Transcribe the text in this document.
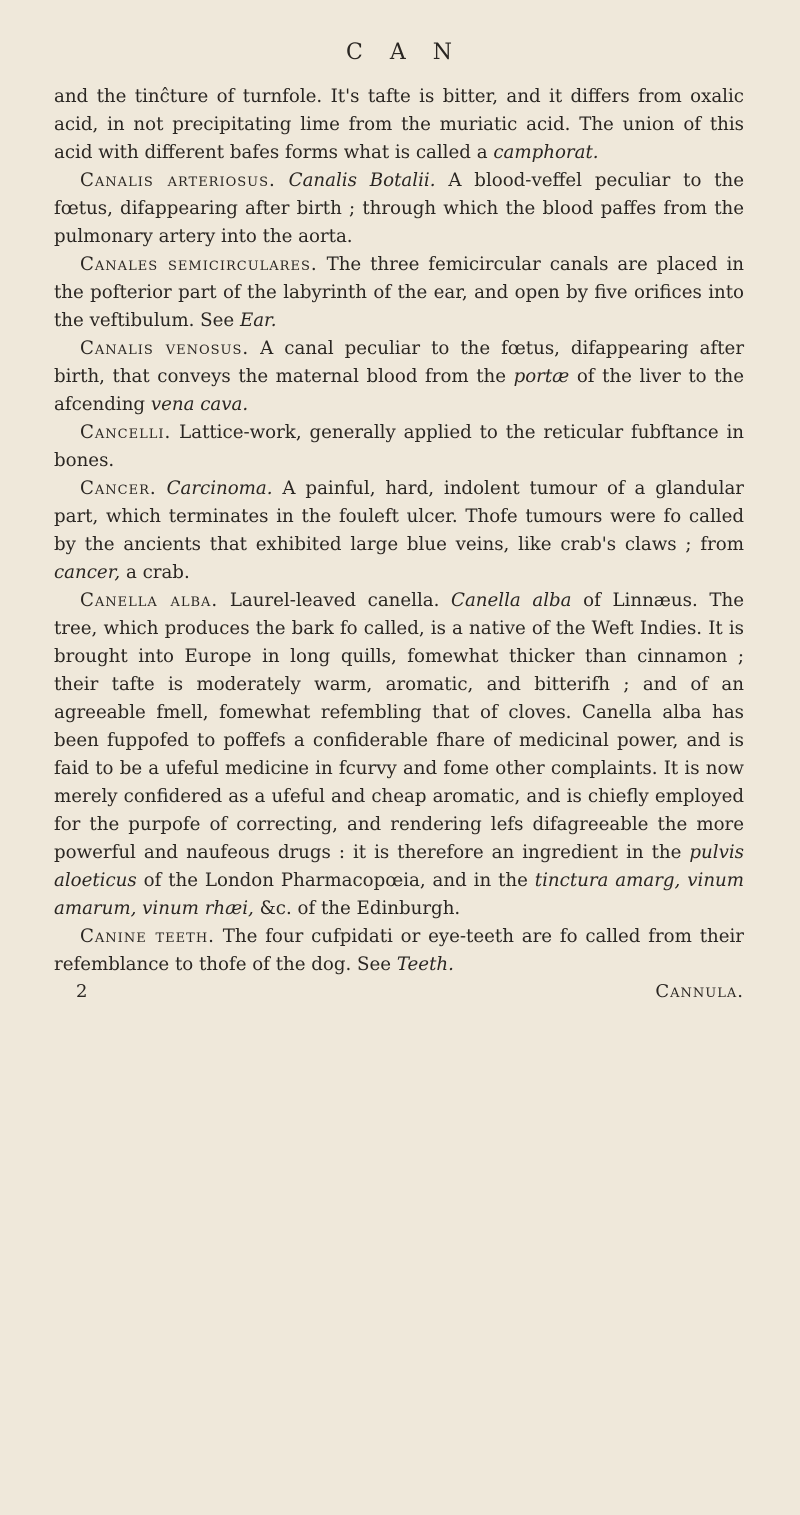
C A N

and the tinĉture of turnfole. It's tafte is bitter, and it differs from oxalic acid, in not precipitating lime from the muriatic acid. The union of this acid with different bafes forms what is called a camphorat.

Canalis arteriosus. Canalis Botalii. A blood-veffel peculiar to the fœtus, difappearing after birth ; through which the blood paffes from the pulmonary artery into the aorta.

Canales semicirculares. The three femicircular canals are placed in the pofterior part of the labyrinth of the ear, and open by five orifices into the veftibulum. See Ear.

Canalis venosus. A canal peculiar to the fœtus, difappearing after birth, that conveys the maternal blood from the portæ of the liver to the afcending vena cava.

Cancelli. Lattice-work, generally applied to the reticular fubftance in bones.

Cancer. Carcinoma. A painful, hard, indolent tumour of a glandular part, which terminates in the fouleft ulcer. Thofe tumours were fo called by the ancients that exhibited large blue veins, like crab's claws ; from cancer, a crab.

Canella alba. Laurel-leaved canella. Canella alba of Linnæus. The tree, which produces the bark fo called, is a native of the Weft Indies. It is brought into Europe in long quills, fomewhat thicker than cinnamon ; their tafte is moderately warm, aromatic, and bitterifh ; and of an agreeable fmell, fomewhat refembling that of cloves. Canella alba has been fuppofed to poffefs a confiderable fhare of medicinal power, and is faid to be a ufeful medicine in fcurvy and fome other complaints. It is now merely confidered as a ufeful and cheap aromatic, and is chiefly employed for the purpofe of correcting, and rendering lefs difagreeable the more powerful and naufeous drugs : it is therefore an ingredient in the pulvis aloeticus of the London Pharmacopœia, and in the tinctura amarg, vinum amarum, vinum rhæi, &c. of the Edinburgh.

Canine teeth. The four cufpidati or eye-teeth are fo called from their refemblance to thofe of the dog. See Teeth.

2	Cannula.
